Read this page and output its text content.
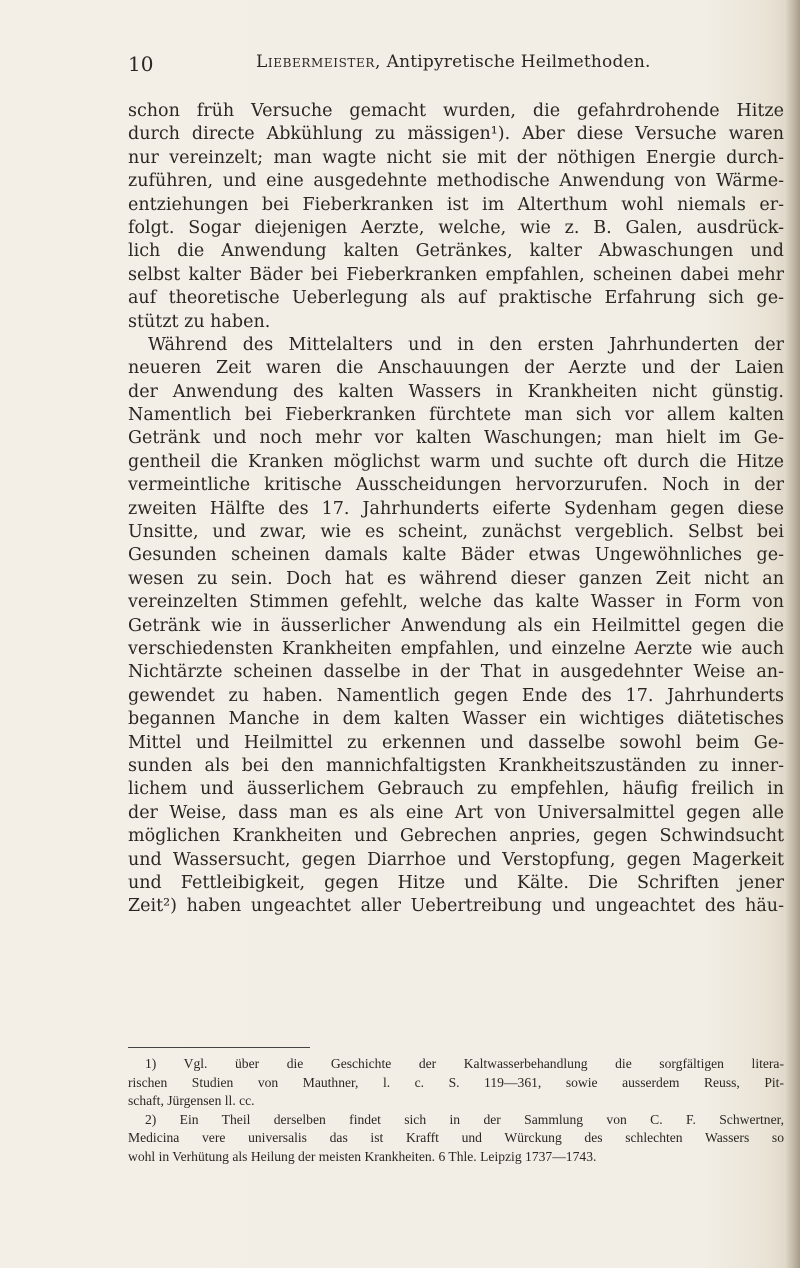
10	Liebermeister, Antipyretische Heilmethoden.
schon früh Versuche gemacht wurden, die gefahrdrohende Hitze
durch directe Abkühlung zu mässigen¹). Aber diese Versuche waren
nur vereinzelt; man wagte nicht sie mit der nöthigen Energie durch-
zuführen, und eine ausgedehnte methodische Anwendung von Wärme-
entziehungen bei Fieberkranken ist im Alterthum wohl niemals er-
folgt. Sogar diejenigen Aerzte, welche, wie z. B. Galen, ausdrück-
lich die Anwendung kalten Getränkes, kalter Abwaschungen und
selbst kalter Bäder bei Fieberkranken empfahlen, scheinen dabei mehr
auf theoretische Ueberlegung als auf praktische Erfahrung sich ge-
stützt zu haben.
Während des Mittelalters und in den ersten Jahrhunderten der
neueren Zeit waren die Anschauungen der Aerzte und der Laien
der Anwendung des kalten Wassers in Krankheiten nicht günstig.
Namentlich bei Fieberkranken fürchtete man sich vor allem kalten
Getränk und noch mehr vor kalten Waschungen; man hielt im Ge-
gentheil die Kranken möglichst warm und suchte oft durch die Hitze
vermeintliche kritische Ausscheidungen hervorzurufen. Noch in der
zweiten Hälfte des 17. Jahrhunderts eiferte Sydenham gegen diese
Unsitte, und zwar, wie es scheint, zunächst vergeblich. Selbst bei
Gesunden scheinen damals kalte Bäder etwas Ungewöhnliches ge-
wesen zu sein. Doch hat es während dieser ganzen Zeit nicht an
vereinzelten Stimmen gefehlt, welche das kalte Wasser in Form von
Getränk wie in äusserlicher Anwendung als ein Heilmittel gegen die
verschiedensten Krankheiten empfahlen, und einzelne Aerzte wie auch
Nichtärzte scheinen dasselbe in der That in ausgedehnter Weise an-
gewendet zu haben. Namentlich gegen Ende des 17. Jahrhunderts
begannen Manche in dem kalten Wasser ein wichtiges diätetisches
Mittel und Heilmittel zu erkennen und dasselbe sowohl beim Ge-
sunden als bei den mannichfaltigsten Krankheitszuständen zu inner-
lichem und äusserlichem Gebrauch zu empfehlen, häufig freilich in
der Weise, dass man es als eine Art von Universalmittel gegen alle
möglichen Krankheiten und Gebrechen anpries, gegen Schwindsucht
und Wassersucht, gegen Diarrhoe und Verstopfung, gegen Magerkeit
und Fettleibigkeit, gegen Hitze und Kälte. Die Schriften jener
Zeit²) haben ungeachtet aller Uebertreibung und ungeachtet des häu-
1) Vgl. über die Geschichte der Kaltwasserbehandlung die sorgfältigen litera-
rischen Studien von Mauthner, l. c. S. 119—361, sowie ausserdem Reuss, Pit-
schaft, Jürgensen ll. cc.
2) Ein Theil derselben findet sich in der Sammlung von C. F. Schwertner,
Medicina vere universalis das ist Krafft und Würckung des schlechten Wassers so
wohl in Verhütung als Heilung der meisten Krankheiten. 6 Thle. Leipzig 1737—1743.
